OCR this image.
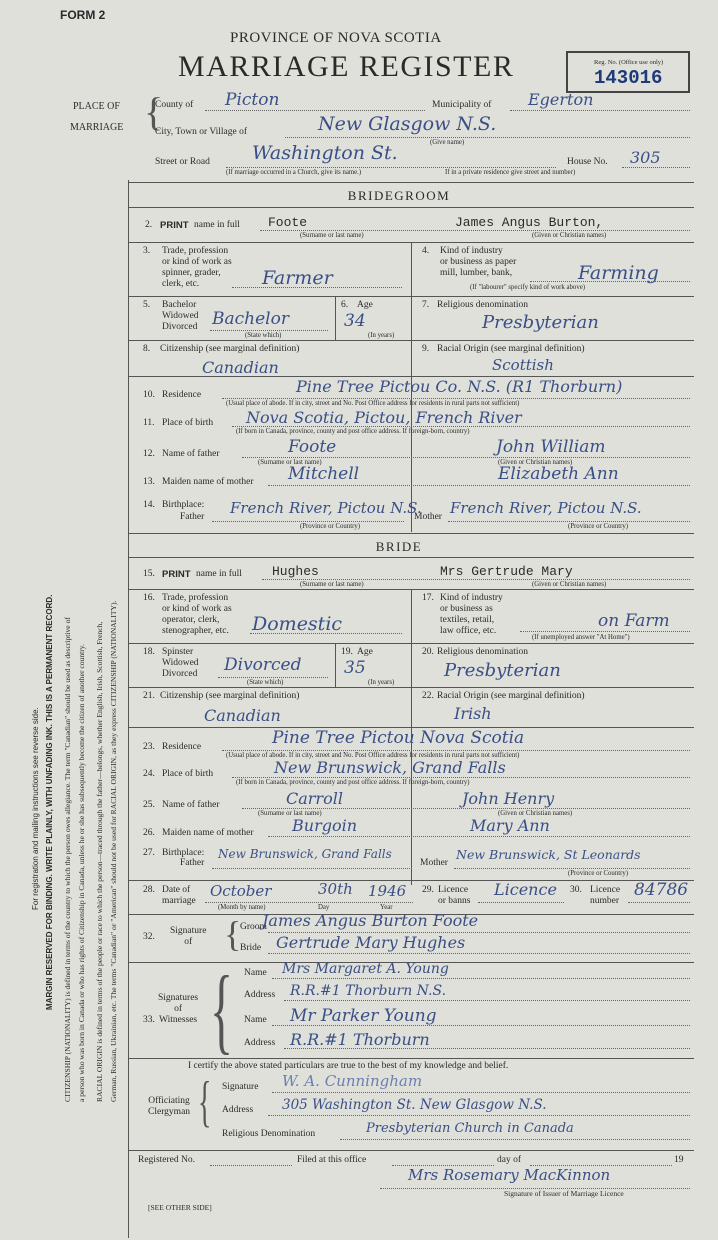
For registration and mailing instructions see reverse side. MARGIN RESERVED FOR BINDING. WRITE PLAINLY, WITH UNFADING INK. THIS IS A PERMANENT RECORD. CITIZENSHIP (NATIONALITY) is defined in terms of the country to which the person owes allegiance. The term "Canadian" should be used as descriptive of a person who was born in Canada or who has rights of Citizenship in Canada, unless he or she has subsequently become the citizen of another country. RACIAL ORIGIN is defined in terms of the people or race to which the person—traced through the father—belongs, whether English, Irish, Scottish, French, German, Russian, Ukrainian, etc. The terms "Canadian" or "American" should not be used for RACIAL ORIGIN, as they express CITIZENSHIP (NATIONALITY).
FORM 2
PROVINCE OF NOVA SCOTIA
MARRIAGE REGISTER	Reg. No. (Office use only)
143016
PLACE OF
MARRIAGE {
County of Picton	Municipality of Egerton
City, Town or Village of	New Glasgow N.S.
(Give name)
Street or Road Washington St.	House No. 305
(If marriage occurred in a Church, give its name.)	If in a private residence give street and number)
BRIDEGROOM
2. PRINT name in full Foote	James Angus Burton,
(Surname or last name)	(Given or Christian names)
3. Trade, profession
or kind of work as
spinner, grader,
clerk, etc.	Farmer
4. Kind of industry
or business as paper
mill, lumber, bank,	Farming
(If "labourer" specify kind of work above)
5. Bachelor
Widowed
Divorced Bachelor
(State which)
6. Age
34
(In years)
7. Religious denomination
Presbyterian
8. Citizenship (see marginal definition)
Canadian
9. Racial Origin (see marginal definition)
Scottish
10. Residence	Pine Tree Pictou Co. N.S. (R1 Thorburn)
(Usual place of abode. If in city, street and No. Post Office address for residents in rural parts not sufficient)
11. Place of birth Nova Scotia, Pictou, French River
(If born in Canada, province, county and post office address. If foreign-born, country)
12. Name of father	Foote	John William
(Surname or last name)	(Given or Christian names)
13. Maiden name of mother Mitchell	Elizabeth Ann
14. Birthplace:
Father French River, Pictou N.S.
(Province or Country)
Mother French River, Pictou N.S.
(Province or Country)
BRIDE
15. PRINT name in full Hughes	Mrs Gertrude Mary
(Surname or last name)	(Given or Christian names)
16. Trade, profession
or kind of work as
operator, clerk,
stenographer, etc. Domestic
17. Kind of industry
or business as
textiles, retail,
law office, etc.	on Farm
(If unemployed answer "At Home")
18. Spinster
Widowed
Divorced Divorced
(State which)
19. Age
35
(In years)
20. Religious denomination
Presbyterian
21. Citizenship (see marginal definition)
Canadian
22. Racial Origin (see marginal definition)
Irish
23. Residence	Pine Tree Pictou Nova Scotia
(Usual place of abode. If in city, street and No. Post Office address for residents in rural parts not sufficient)
24. Place of birth	New Brunswick, Grand Falls
(If born in Canada, province, county and post office address. If foreign-born, country)
25. Name of father	Carroll	John Henry
(Surname or last name)	(Given or Christian names)
26. Maiden name of mother Burgoin	Mary Ann
27. Birthplace:
Father
New Brunswick, Grand Falls
Mother
New Brunswick, St Leonards
(Province or Country)
28. Date of
marriage
October	30th 1946
(Month by name)	Day	Year
29. Licence
or banns
Licence 30. Licence
number
84786
32.
Signature
of {
Groom
James Angus Burton Foote
Bride Gertrude Mary Hughes
33.
Signatures
of
Witnesses { Name Mrs Margaret A. Young
Address R.R.#1 Thorburn N.S.
Name Mr Parker Young
Address R.R.#1 Thorburn
I certify the above stated particulars are true to the best of my knowledge and belief.
Officiating
Clergyman { Signature W. A. Cunningham
Address 305 Washington St. New Glasgow N.S.
Religious Denomination	Presbyterian Church in Canada
Registered No.	Filed at this office	day of	19
Mrs Rosemary MacKinnon
Signature of Issuer of Marriage Licence
[SEE OTHER SIDE]
